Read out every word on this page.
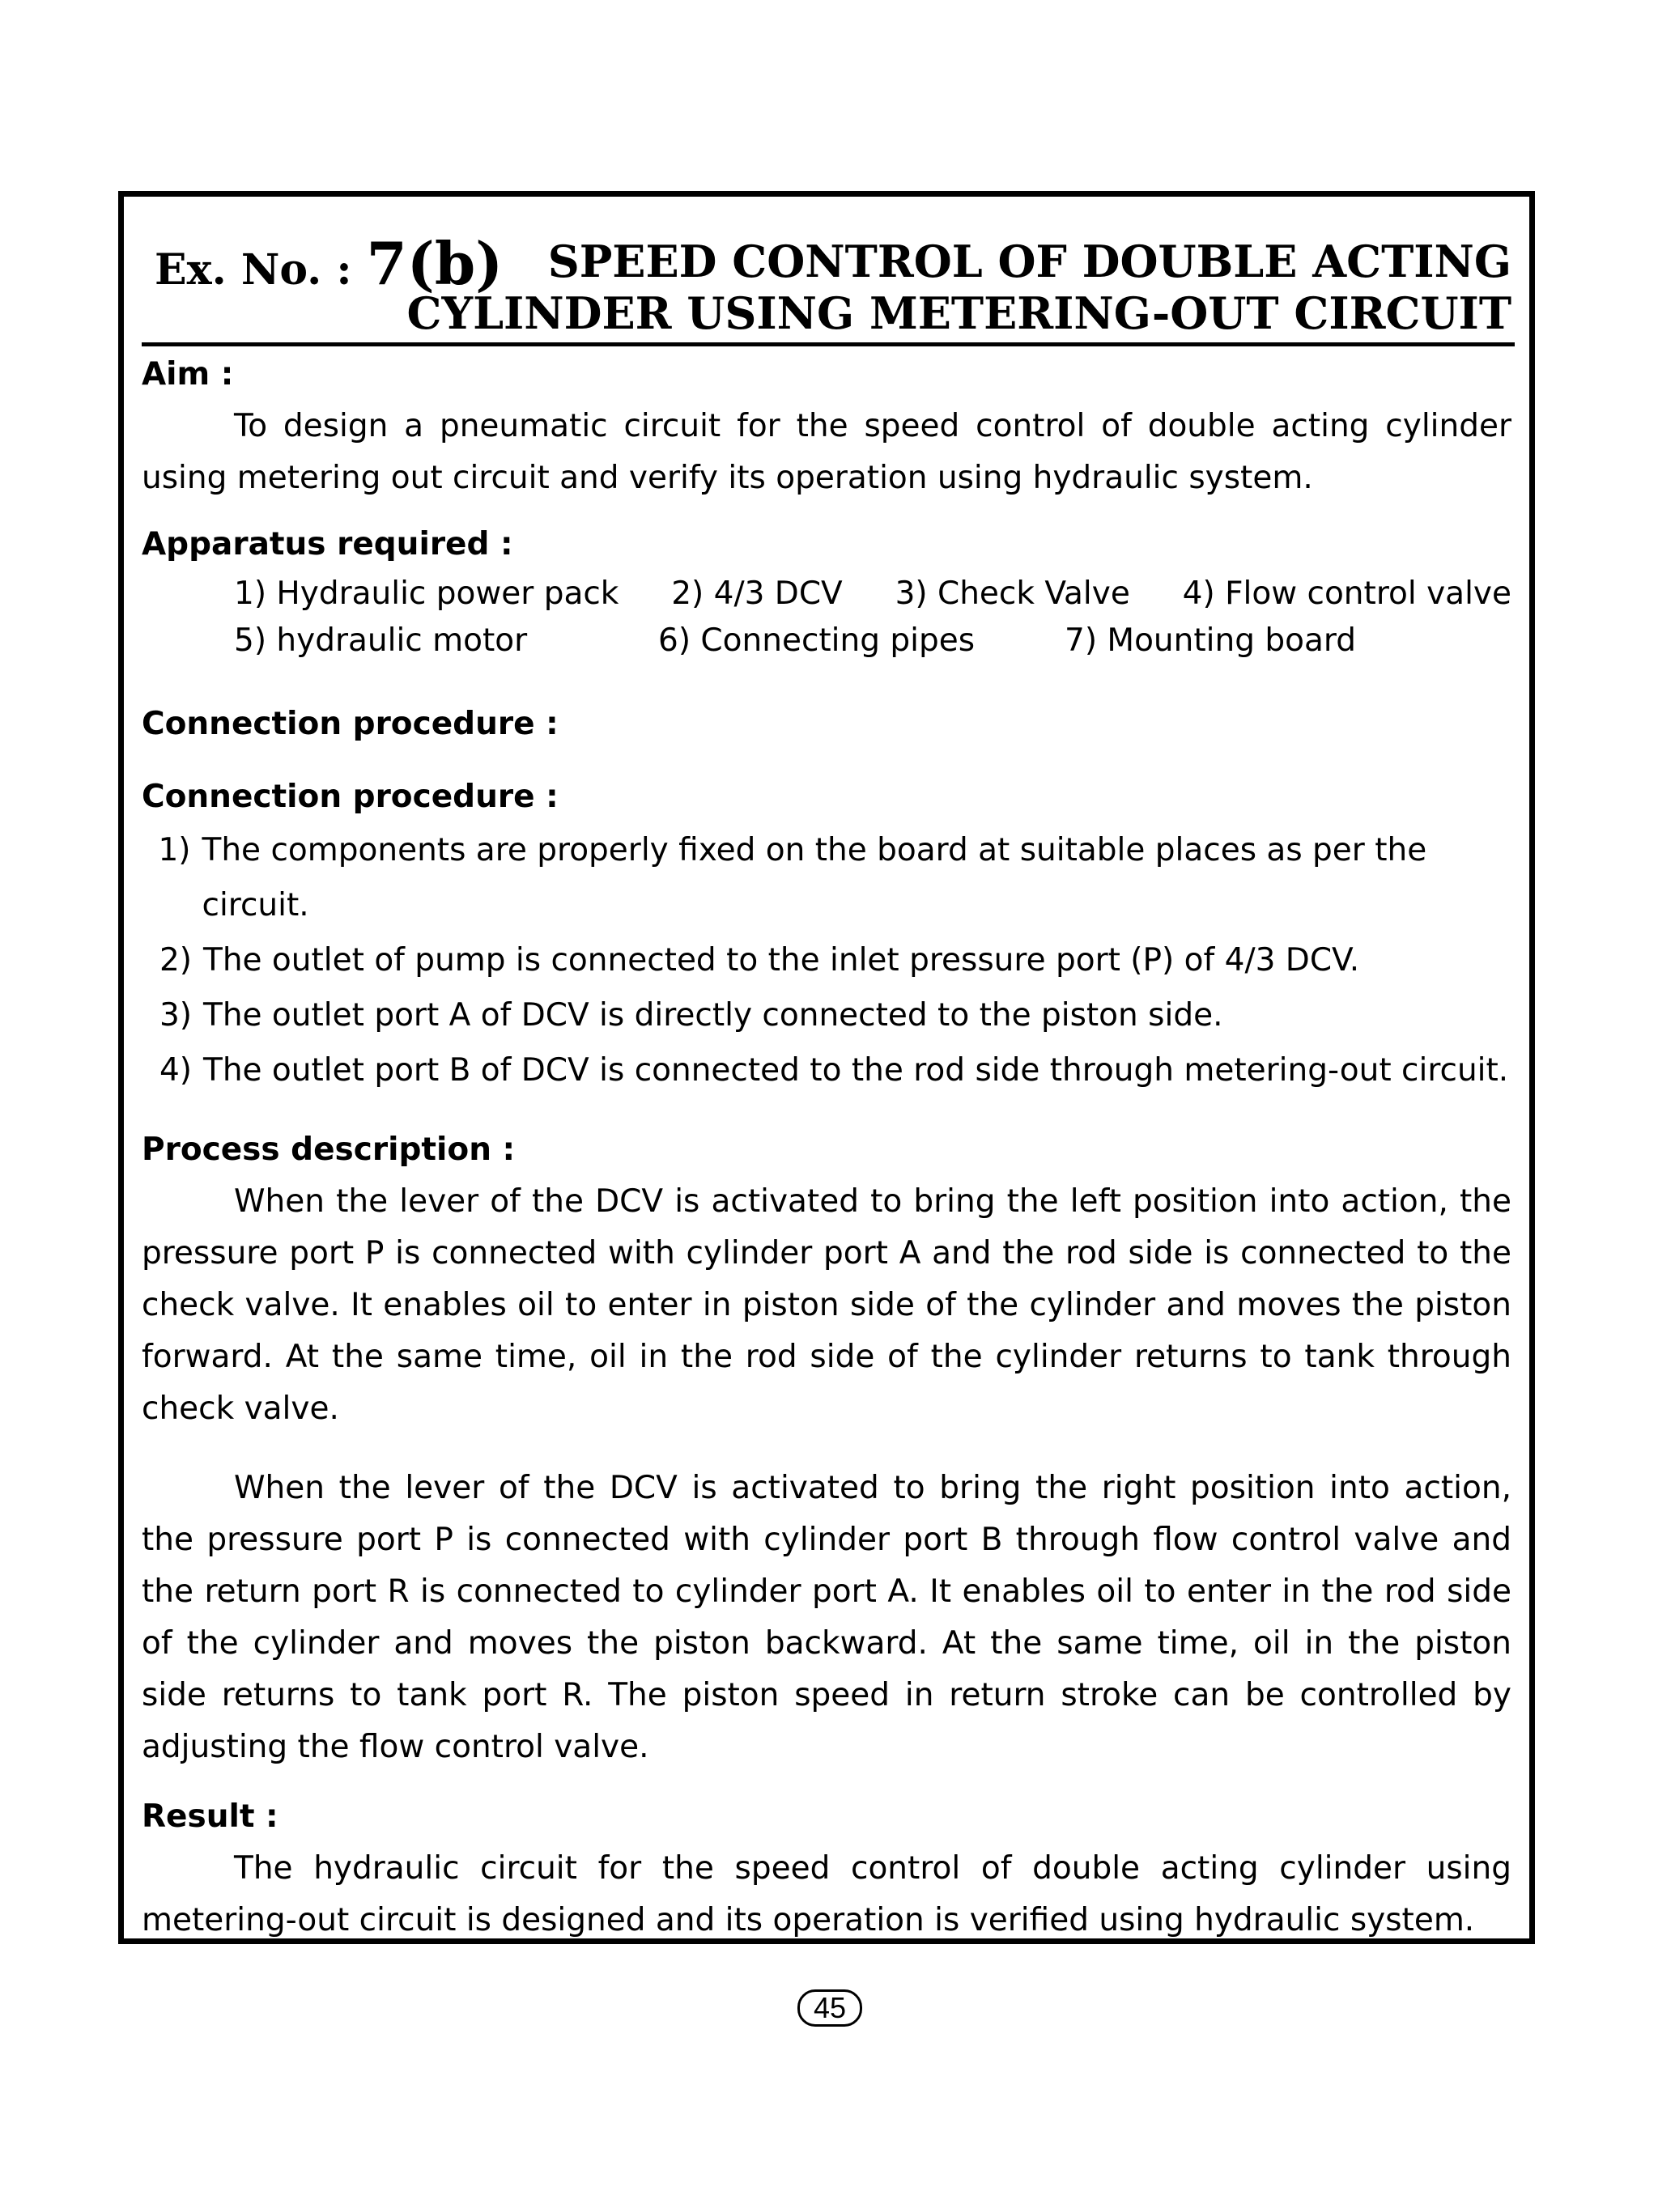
Ex. No. : 7(b) SPEED CONTROL OF DOUBLE ACTING
CYLINDER USING METERING-OUT CIRCUIT

Aim :

To design a pneumatic circuit for the speed control of double acting cylinder using metering out circuit and verify its operation using hydraulic system.

Apparatus required :

1) Hydraulic power pack 2) 4/3 DCV 3) Check Valve 4) Flow control valve
5) hydraulic motor	6) Connecting pipes	7) Mounting board

Connection procedure :

Connection procedure :

1) The components are properly fixed on the board at suitable places as per the circuit.
2) The outlet of pump is connected to the inlet pressure port (P) of 4/3 DCV.
3) The outlet port A of DCV is directly connected to the piston side.
4) The outlet port B of DCV is connected to the rod side through metering-out circuit.

Process description :

When the lever of the DCV is activated to bring the left position into action, the pressure port P is connected with cylinder port A and the rod side is connected to the check valve. It enables oil to enter in piston side of the cylinder and moves the piston forward. At the same time, oil in the rod side of the cylinder returns to tank through check valve.

When the lever of the DCV is activated to bring the right position into action, the pressure port P is connected with cylinder port B through flow control valve and the return port R is connected to cylinder port A. It enables oil to enter in the rod side of the cylinder and moves the piston backward. At the same time, oil in the piston side returns to tank port R. The piston speed in return stroke can be controlled by adjusting the flow control valve.

Result :

The hydraulic circuit for the speed control of double acting cylinder using metering-out circuit is designed and its operation is verified using hydraulic system.

45
